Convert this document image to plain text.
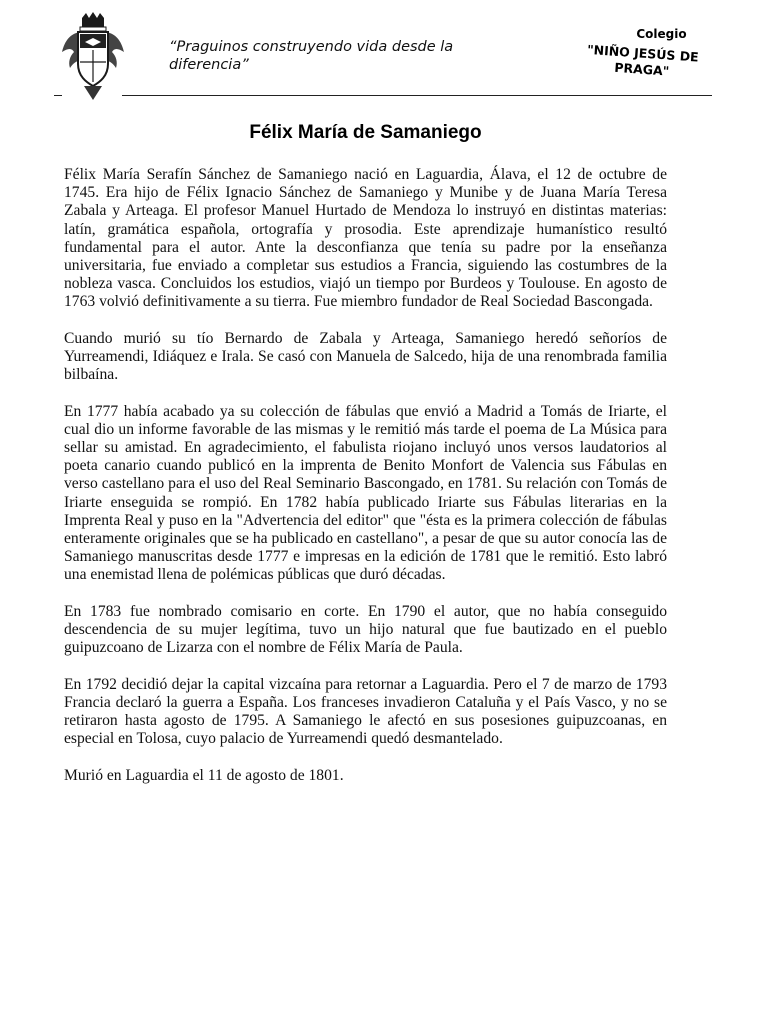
“Praguinos construyendo vida desde la diferencia”
Colegio
"NIÑO JESÚS DE PRAGA"
Félix María de Samaniego

Félix María Serafín Sánchez de Samaniego nació en Laguardia, Álava, el 12 de octubre de 1745. Era hijo de Félix Ignacio Sánchez de Samaniego y Munibe y de Juana María Teresa Zabala y Arteaga. El profesor Manuel Hurtado de Mendoza lo instruyó en distintas materias: latín, gramática española, ortografía y prosodia. Este aprendizaje humanístico resultó fundamental para el autor. Ante la desconfianza que tenía su padre por la enseñanza universitaria, fue enviado a completar sus estudios a Francia, siguiendo las costumbres de la nobleza vasca. Concluidos los estudios, viajó un tiempo por Burdeos y Toulouse. En agosto de 1763 volvió definitivamente a su tierra. Fue miembro fundador de Real Sociedad Bascongada.

Cuando murió su tío Bernardo de Zabala y Arteaga, Samaniego heredó señoríos de Yurreamendi, Idiáquez e Irala. Se casó con Manuela de Salcedo, hija de una renombrada familia bilbaína.

En 1777 había acabado ya su colección de fábulas que envió a Madrid a Tomás de Iriarte, el cual dio un informe favorable de las mismas y le remitió más tarde el poema de La Música para sellar su amistad. En agradecimiento, el fabulista riojano incluyó unos versos laudatorios al poeta canario cuando publicó en la imprenta de Benito Monfort de Valencia sus Fábulas en verso castellano para el uso del Real Seminario Bascongado, en 1781. Su relación con Tomás de Iriarte enseguida se rompió. En 1782 había publicado Iriarte sus Fábulas literarias en la Imprenta Real y puso en la "Advertencia del editor" que "ésta es la primera colección de fábulas enteramente originales que se ha publicado en castellano", a pesar de que su autor conocía las de Samaniego manuscritas desde 1777 e impresas en la edición de 1781 que le remitió. Esto labró una enemistad llena de polémicas públicas que duró décadas.

En 1783 fue nombrado comisario en corte. En 1790 el autor, que no había conseguido descendencia de su mujer legítima, tuvo un hijo natural que fue bautizado en el pueblo guipuzcoano de Lizarza con el nombre de Félix María de Paula.

En 1792 decidió dejar la capital vizcaína para retornar a Laguardia. Pero el 7 de marzo de 1793 Francia declaró la guerra a España. Los franceses invadieron Cataluña y el País Vasco, y no se retiraron hasta agosto de 1795. A Samaniego le afectó en sus posesiones guipuzcoanas, en especial en Tolosa, cuyo palacio de Yurreamendi quedó desmantelado.

Murió en Laguardia el 11 de agosto de 1801.
